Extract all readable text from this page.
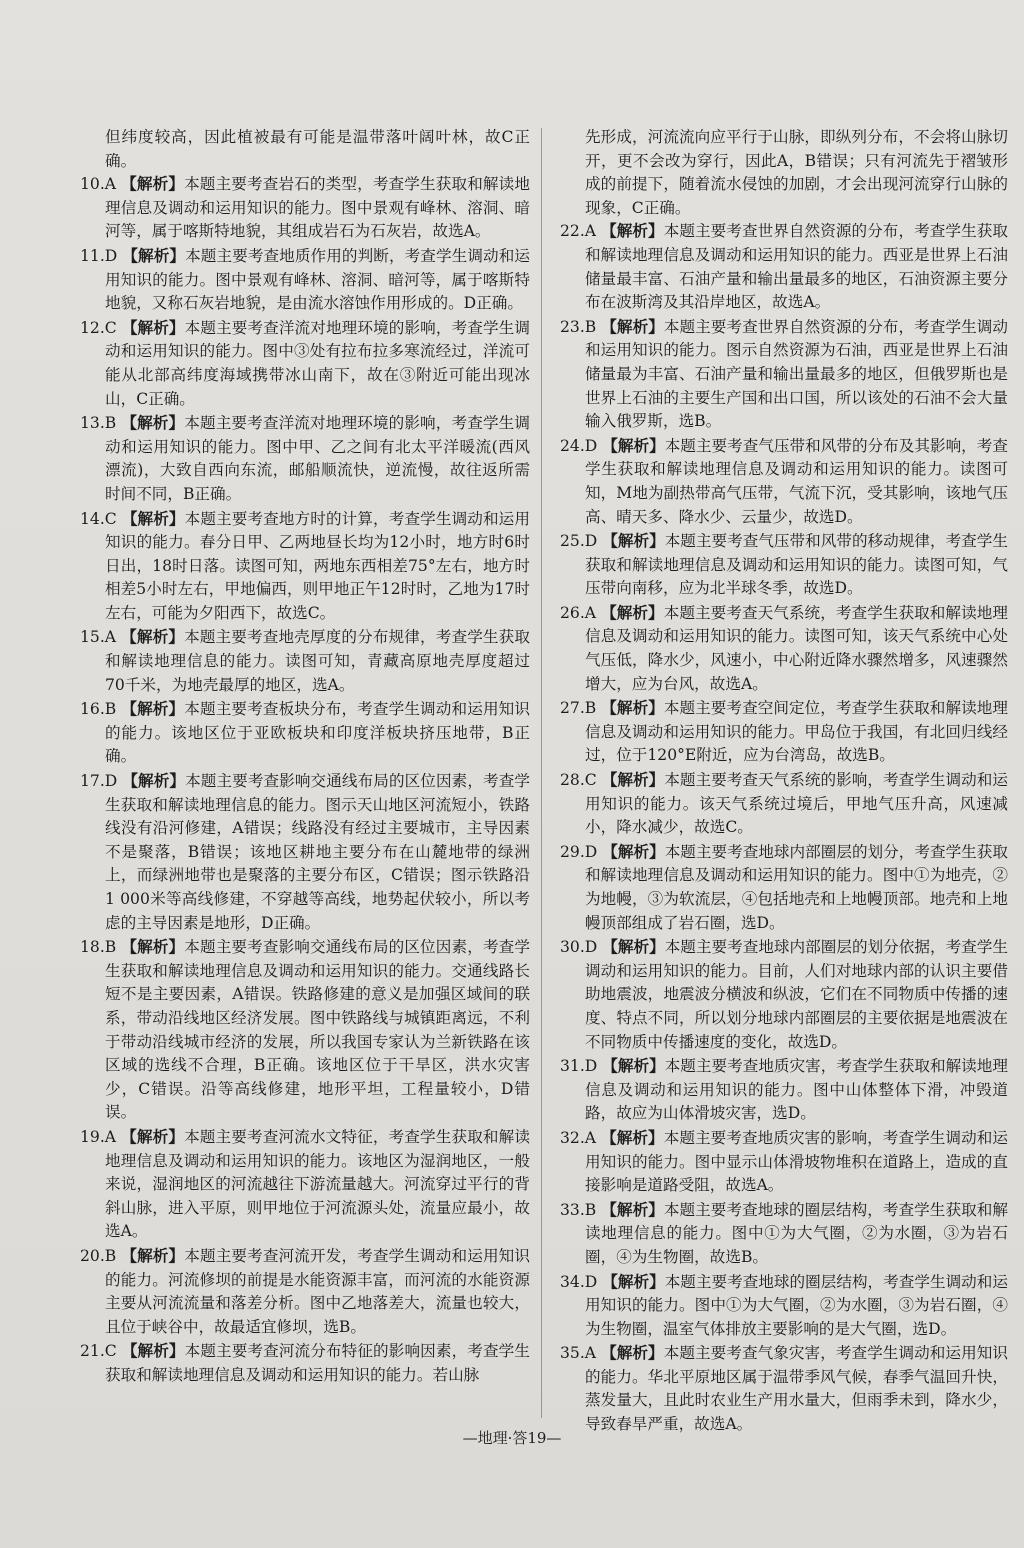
但纬度较高，因此植被最有可能是温带落叶阔叶林，故C正确。
10.A 【解析】本题主要考查岩石的类型，考查学生获取和解读地理信息及调动和运用知识的能力。图中景观有峰林、溶洞、暗河等，属于喀斯特地貌，其组成岩石为石灰岩，故选A。
11.D 【解析】本题主要考查地质作用的判断，考查学生调动和运用知识的能力。图中景观有峰林、溶洞、暗河等，属于喀斯特地貌，又称石灰岩地貌，是由流水溶蚀作用形成的。D正确。
12.C 【解析】本题主要考查洋流对地理环境的影响，考查学生调动和运用知识的能力。图中③处有拉布拉多寒流经过，洋流可能从北部高纬度海域携带冰山南下，故在③附近可能出现冰山，C正确。
13.B 【解析】本题主要考查洋流对地理环境的影响，考查学生调动和运用知识的能力。图中甲、乙之间有北太平洋暖流(西风漂流)，大致自西向东流，邮船顺流快，逆流慢，故往返所需时间不同，B正确。
14.C 【解析】本题主要考查地方时的计算，考查学生调动和运用知识的能力。春分日甲、乙两地昼长均为12小时，地方时6时日出，18时日落。读图可知，两地东西相差75°左右，地方时相差5小时左右，甲地偏西，则甲地正午12时时，乙地为17时左右，可能为夕阳西下，故选C。
15.A 【解析】本题主要考查地壳厚度的分布规律，考查学生获取和解读地理信息的能力。读图可知，青藏高原地壳厚度超过70千米，为地壳最厚的地区，选A。
16.B 【解析】本题主要考查板块分布，考查学生调动和运用知识的能力。该地区位于亚欧板块和印度洋板块挤压地带，B正确。
17.D 【解析】本题主要考查影响交通线布局的区位因素，考查学生获取和解读地理信息的能力。图示天山地区河流短小，铁路线没有沿河修建，A错误；线路没有经过主要城市，主导因素不是聚落，B错误；该地区耕地主要分布在山麓地带的绿洲上，而绿洲地带也是聚落的主要分布区，C错误；图示铁路沿1 000米等高线修建，不穿越等高线，地势起伏较小，所以考虑的主导因素是地形，D正确。
18.B 【解析】本题主要考查影响交通线布局的区位因素，考查学生获取和解读地理信息及调动和运用知识的能力。交通线路长短不是主要因素，A错误。铁路修建的意义是加强区域间的联系，带动沿线地区经济发展。图中铁路线与城镇距离远，不利于带动沿线城市经济的发展，所以我国专家认为兰新铁路在该区域的选线不合理，B正确。该地区位于干旱区，洪水灾害少，C错误。沿等高线修建，地形平坦，工程量较小，D错误。
19.A 【解析】本题主要考查河流水文特征，考查学生获取和解读地理信息及调动和运用知识的能力。该地区为湿润地区，一般来说，湿润地区的河流越往下游流量越大。河流穿过平行的背斜山脉，进入平原，则甲地位于河流源头处，流量应最小，故选A。
20.B 【解析】本题主要考查河流开发，考查学生调动和运用知识的能力。河流修坝的前提是水能资源丰富，而河流的水能资源主要从河流流量和落差分析。图中乙地落差大，流量也较大，且位于峡谷中，故最适宜修坝，选B。
21.C 【解析】本题主要考查河流分布特征的影响因素，考查学生获取和解读地理信息及调动和运用知识的能力。若山脉
先形成，河流流向应平行于山脉，即纵列分布，不会将山脉切开，更不会改为穿行，因此A，B错误；只有河流先于褶皱形成的前提下，随着流水侵蚀的加剧，才会出现河流穿行山脉的现象，C正确。
22.A 【解析】本题主要考查世界自然资源的分布，考查学生获取和解读地理信息及调动和运用知识的能力。西亚是世界上石油储量最丰富、石油产量和输出量最多的地区，石油资源主要分布在波斯湾及其沿岸地区，故选A。
23.B 【解析】本题主要考查世界自然资源的分布，考查学生调动和运用知识的能力。图示自然资源为石油，西亚是世界上石油储量最为丰富、石油产量和输出量最多的地区，但俄罗斯也是世界上石油的主要生产国和出口国，所以该处的石油不会大量输入俄罗斯，选B。
24.D 【解析】本题主要考查气压带和风带的分布及其影响，考查学生获取和解读地理信息及调动和运用知识的能力。读图可知，M地为副热带高气压带，气流下沉，受其影响，该地气压高、晴天多、降水少、云量少，故选D。
25.D 【解析】本题主要考查气压带和风带的移动规律，考查学生获取和解读地理信息及调动和运用知识的能力。读图可知，气压带向南移，应为北半球冬季，故选D。
26.A 【解析】本题主要考查天气系统，考查学生获取和解读地理信息及调动和运用知识的能力。读图可知，该天气系统中心处气压低，降水少，风速小，中心附近降水骤然增多，风速骤然增大，应为台风，故选A。
27.B 【解析】本题主要考查空间定位，考查学生获取和解读地理信息及调动和运用知识的能力。甲岛位于我国，有北回归线经过，位于120°E附近，应为台湾岛，故选B。
28.C 【解析】本题主要考查天气系统的影响，考查学生调动和运用知识的能力。该天气系统过境后，甲地气压升高，风速减小，降水减少，故选C。
29.D 【解析】本题主要考查地球内部圈层的划分，考查学生获取和解读地理信息及调动和运用知识的能力。图中①为地壳，②为地幔，③为软流层，④包括地壳和上地幔顶部。地壳和上地幔顶部组成了岩石圈，选D。
30.D 【解析】本题主要考查地球内部圈层的划分依据，考查学生调动和运用知识的能力。目前，人们对地球内部的认识主要借助地震波，地震波分横波和纵波，它们在不同物质中传播的速度、特点不同，所以划分地球内部圈层的主要依据是地震波在不同物质中传播速度的变化，故选D。
31.D 【解析】本题主要考查地质灾害，考查学生获取和解读地理信息及调动和运用知识的能力。图中山体整体下滑，冲毁道路，故应为山体滑坡灾害，选D。
32.A 【解析】本题主要考查地质灾害的影响，考查学生调动和运用知识的能力。图中显示山体滑坡物堆积在道路上，造成的直接影响是道路受阻，故选A。
33.B 【解析】本题主要考查地球的圈层结构，考查学生获取和解读地理信息的能力。图中①为大气圈，②为水圈，③为岩石圈，④为生物圈，故选B。
34.D 【解析】本题主要考查地球的圈层结构，考查学生调动和运用知识的能力。图中①为大气圈，②为水圈，③为岩石圈，④为生物圈，温室气体排放主要影响的是大气圈，选D。
35.A 【解析】本题主要考查气象灾害，考查学生调动和运用知识的能力。华北平原地区属于温带季风气候，春季气温回升快，蒸发量大，且此时农业生产用水量大，但雨季未到，降水少，导致春旱严重，故选A。
—地理·答19—
